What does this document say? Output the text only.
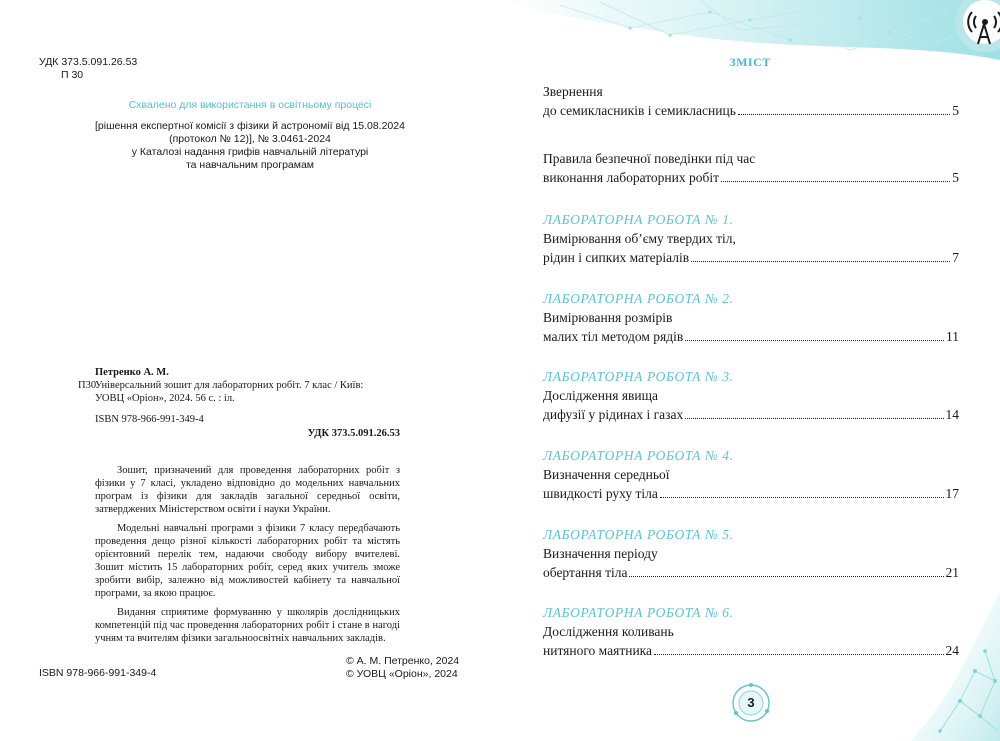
УДК 373.5.091.26.53
П 30
Схвалено для використання в освітньому процесі
[рішення експертної комісії з фізики й астрономії від 15.08.2024
(протокол № 12)], № 3.0461-2024
у Каталозі надання грифів навчальній літературі
та навчальним програмам
Петренко А. М.
П30
Універсальний зошит для лабораторних робіт. 7 клас / Київ:
УОВЦ «Оріон», 2024. 56 с. : іл.
ISBN 978-966-991-349-4
УДК 373.5.091.26.53

Зошит, призначений для проведення лабораторних робіт з фізики у 7 класі, укладено відповідно до модельних навчальних програм із фізики для закладів загальної середньої освіти, затверджених Міністерством освіти і науки України.

Модельні навчальні програми з фізики 7 класу передбачають проведення дещо різної кількості лабораторних робіт та містять орієнтовний перелік тем, надаючи свободу вибору вчителеві. Зошит містить 15 лабораторних робіт, серед яких учитель зможе зробити вибір, залежно від можливостей кабінету та навчальної програми, за якою працює.

Видання сприятиме формуванню у школярів дослідницьких компетенцій під час проведення лабораторних робіт і стане в нагоді учням та вчителям фізики загальноосвітніх навчальних закладів.

ISBN 978-966-991-349-4
© А. М. Петренко, 2024
© УОВЦ «Оріон», 2024
ЗМІСТ
Звернення
до семикласників і семикласниць	5
Правила безпечної поведінки під час
виконання лабораторних робіт	5
ЛАБОРАТОРНА РОБОТА № 1.
Вимірювання об’єму твердих тіл,
рідин і сипких матеріалів	7
ЛАБОРАТОРНА РОБОТА № 2.
Вимірювання розмірів
малих тіл методом рядів	11
ЛАБОРАТОРНА РОБОТА № 3.
Дослідження явища
дифузії у рідинах і газах	14
ЛАБОРАТОРНА РОБОТА № 4.
Визначення середньої
швидкості руху тіла	17
ЛАБОРАТОРНА РОБОТА № 5.
Визначення періоду
обертання тіла	21
ЛАБОРАТОРНА РОБОТА № 6.
Дослідження коливань
нитяного маятника	24
3
